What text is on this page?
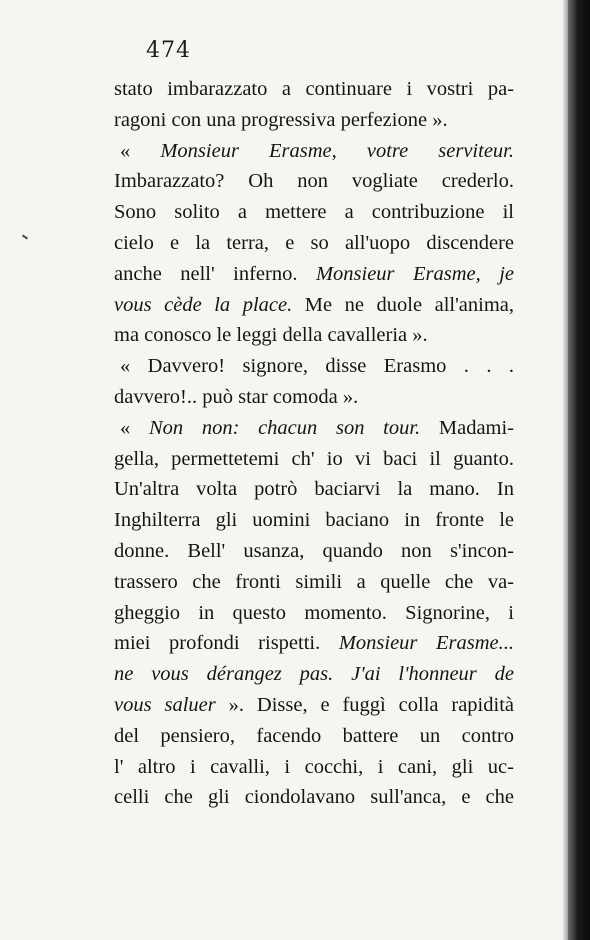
474
stato imbarazzato a continuare i vostri pa-
ragoni con una progressiva perfezione ».
« Monsieur Erasme, votre serviteur.
Imbarazzato? Oh non vogliate crederlo.
Sono solito a mettere a contribuzione il
cielo e la terra, e so all'uopo discendere
anche nell' inferno. Monsieur Erasme, je
vous cède la place. Me ne duole all'anima,
ma conosco le leggi della cavalleria ».
« Davvero! signore, disse Erasmo . . .
davvero!.. può star comoda ».
« Non non: chacun son tour. Madami-
gella, permettetemi ch' io vi baci il guanto.
Un'altra volta potrò baciarvi la mano. In
Inghilterra gli uomini baciano in fronte le
donne. Bell' usanza, quando non s'incon-
trassero che fronti simili a quelle che va-
gheggio in questo momento. Signorine, i
miei profondi rispetti. Monsieur Erasme...
ne vous dérangez pas. J'ai l'honneur de
vous saluer ». Disse, e fuggì colla rapidità
del pensiero, facendo battere un contro
l' altro i cavalli, i cocchi, i cani, gli uc-
celli che gli ciondolavano sull'anca, e che
